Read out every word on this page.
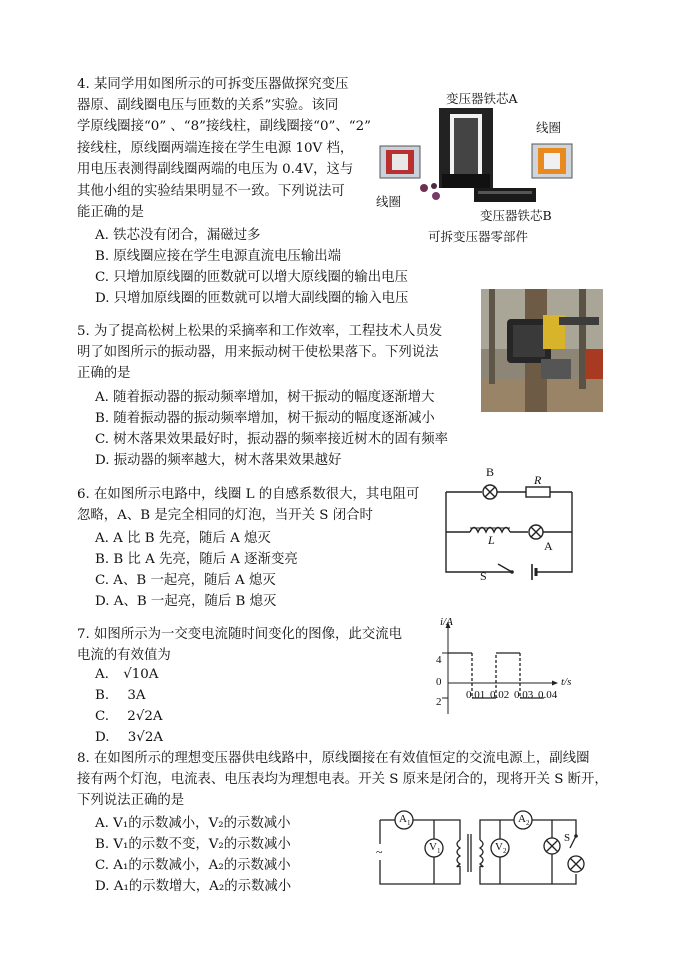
4. 某同学用如图所示的可拆变压器做探究变压
器原、副线圈电压与匝数的关系”实验。该同
学原线圈接“0” 、“8”接线柱，副线圈接“0”、“2”
接线柱，原线圈两端连接在学生电源 10V 档，
用电压表测得副线圈两端的电压为 0.4V，这与
其他小组的实验结果明显不一致。下列说法可
能正确的是
A. 铁芯没有闭合，漏磁过多
B. 原线圈应接在学生电源直流电压输出端
C. 只增加原线圈的匝数就可以增大原线圈的输出电压
D. 只增加原线圈的匝数就可以增大副线圈的输入电压
变压器铁芯A
线圈
线圈
变压器铁芯B
可拆变压器零部件
5. 为了提高松树上松果的采摘率和工作效率，工程技术人员发
明了如图所示的振动器，用来振动树干使松果落下。下列说法
正确的是
A. 随着振动器的振动频率增加，树干振动的幅度逐渐增大
B. 随着振动器的振动频率增加，树干振动的幅度逐渐减小
C. 树木落果效果最好时，振动器的频率接近树木的固有频率
D. 振动器的频率越大，树木落果效果越好
6. 在如图所示电路中，线圈 L 的自感系数很大，其电阻可
忽略，A、B 是完全相同的灯泡，当开关 S 闭合时
A. A 比 B 先亮，随后 A 熄灭
B. B 比 A 先亮，随后 A 逐渐变亮
C. A、B 一起亮，随后 A 熄灭
D. A、B 一起亮，随后 B 熄灭
B
R
L	A
S
7. 如图所示为一交变电流随时间变化的图像，此交流电
电流的有效值为
A. √10A
B. 3A
C. 2√2A
D. 3√2A
i/A
t/s
4
0
2
0.01 0.02 0.03 0.04
8. 在如图所示的理想变压器供电线路中，原线圈接在有效值恒定的交流电源上，副线圈
接有两个灯泡，电流表、电压表均为理想电表。开关 S 原来是闭合的，现将开关 S 断开，
下列说法正确的是
A. V₁的示数减小，V₂的示数减小
B. V₁的示数不变，V₂的示数减小
C. A₁的示数减小，A₂的示数减小
D. A₁的示数增大，A₂的示数减小
$A_1$
$V_1$
$A_2$
$V_2$
S
~
